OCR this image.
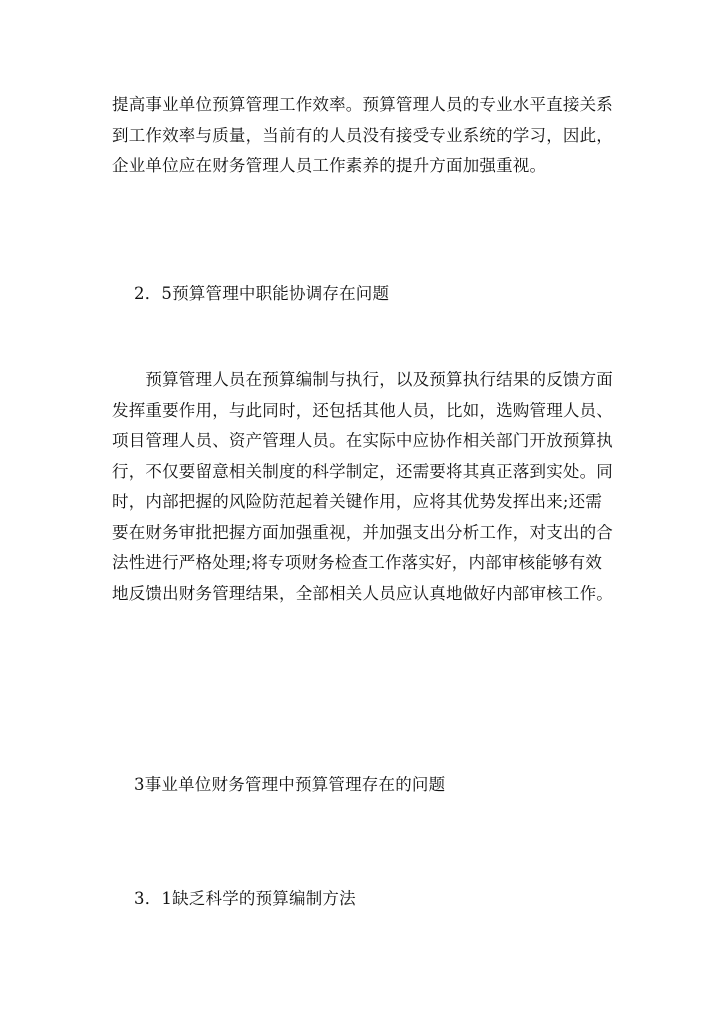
提高事业单位预算管理工作效率。预算管理人员的专业水平直接关系
到工作效率与质量，当前有的人员没有接受专业系统的学习，因此，
企业单位应在财务管理人员工作素养的提升方面加强重视。

2．5预算管理中职能协调存在问题

　　预算管理人员在预算编制与执行，以及预算执行结果的反馈方面
发挥重要作用，与此同时，还包括其他人员，比如，选购管理人员、
项目管理人员、资产管理人员。在实际中应协作相关部门开放预算执
行，不仅要留意相关制度的科学制定，还需要将其真正落到实处。同
时，内部把握的风险防范起着关键作用，应将其优势发挥出来;还需
要在财务审批把握方面加强重视，并加强支出分析工作，对支出的合
法性进行严格处理;将专项财务检查工作落实好，内部审核能够有效
地反馈出财务管理结果，全部相关人员应认真地做好内部审核工作。

3事业单位财务管理中预算管理存在的问题
3．1缺乏科学的预算编制方法
